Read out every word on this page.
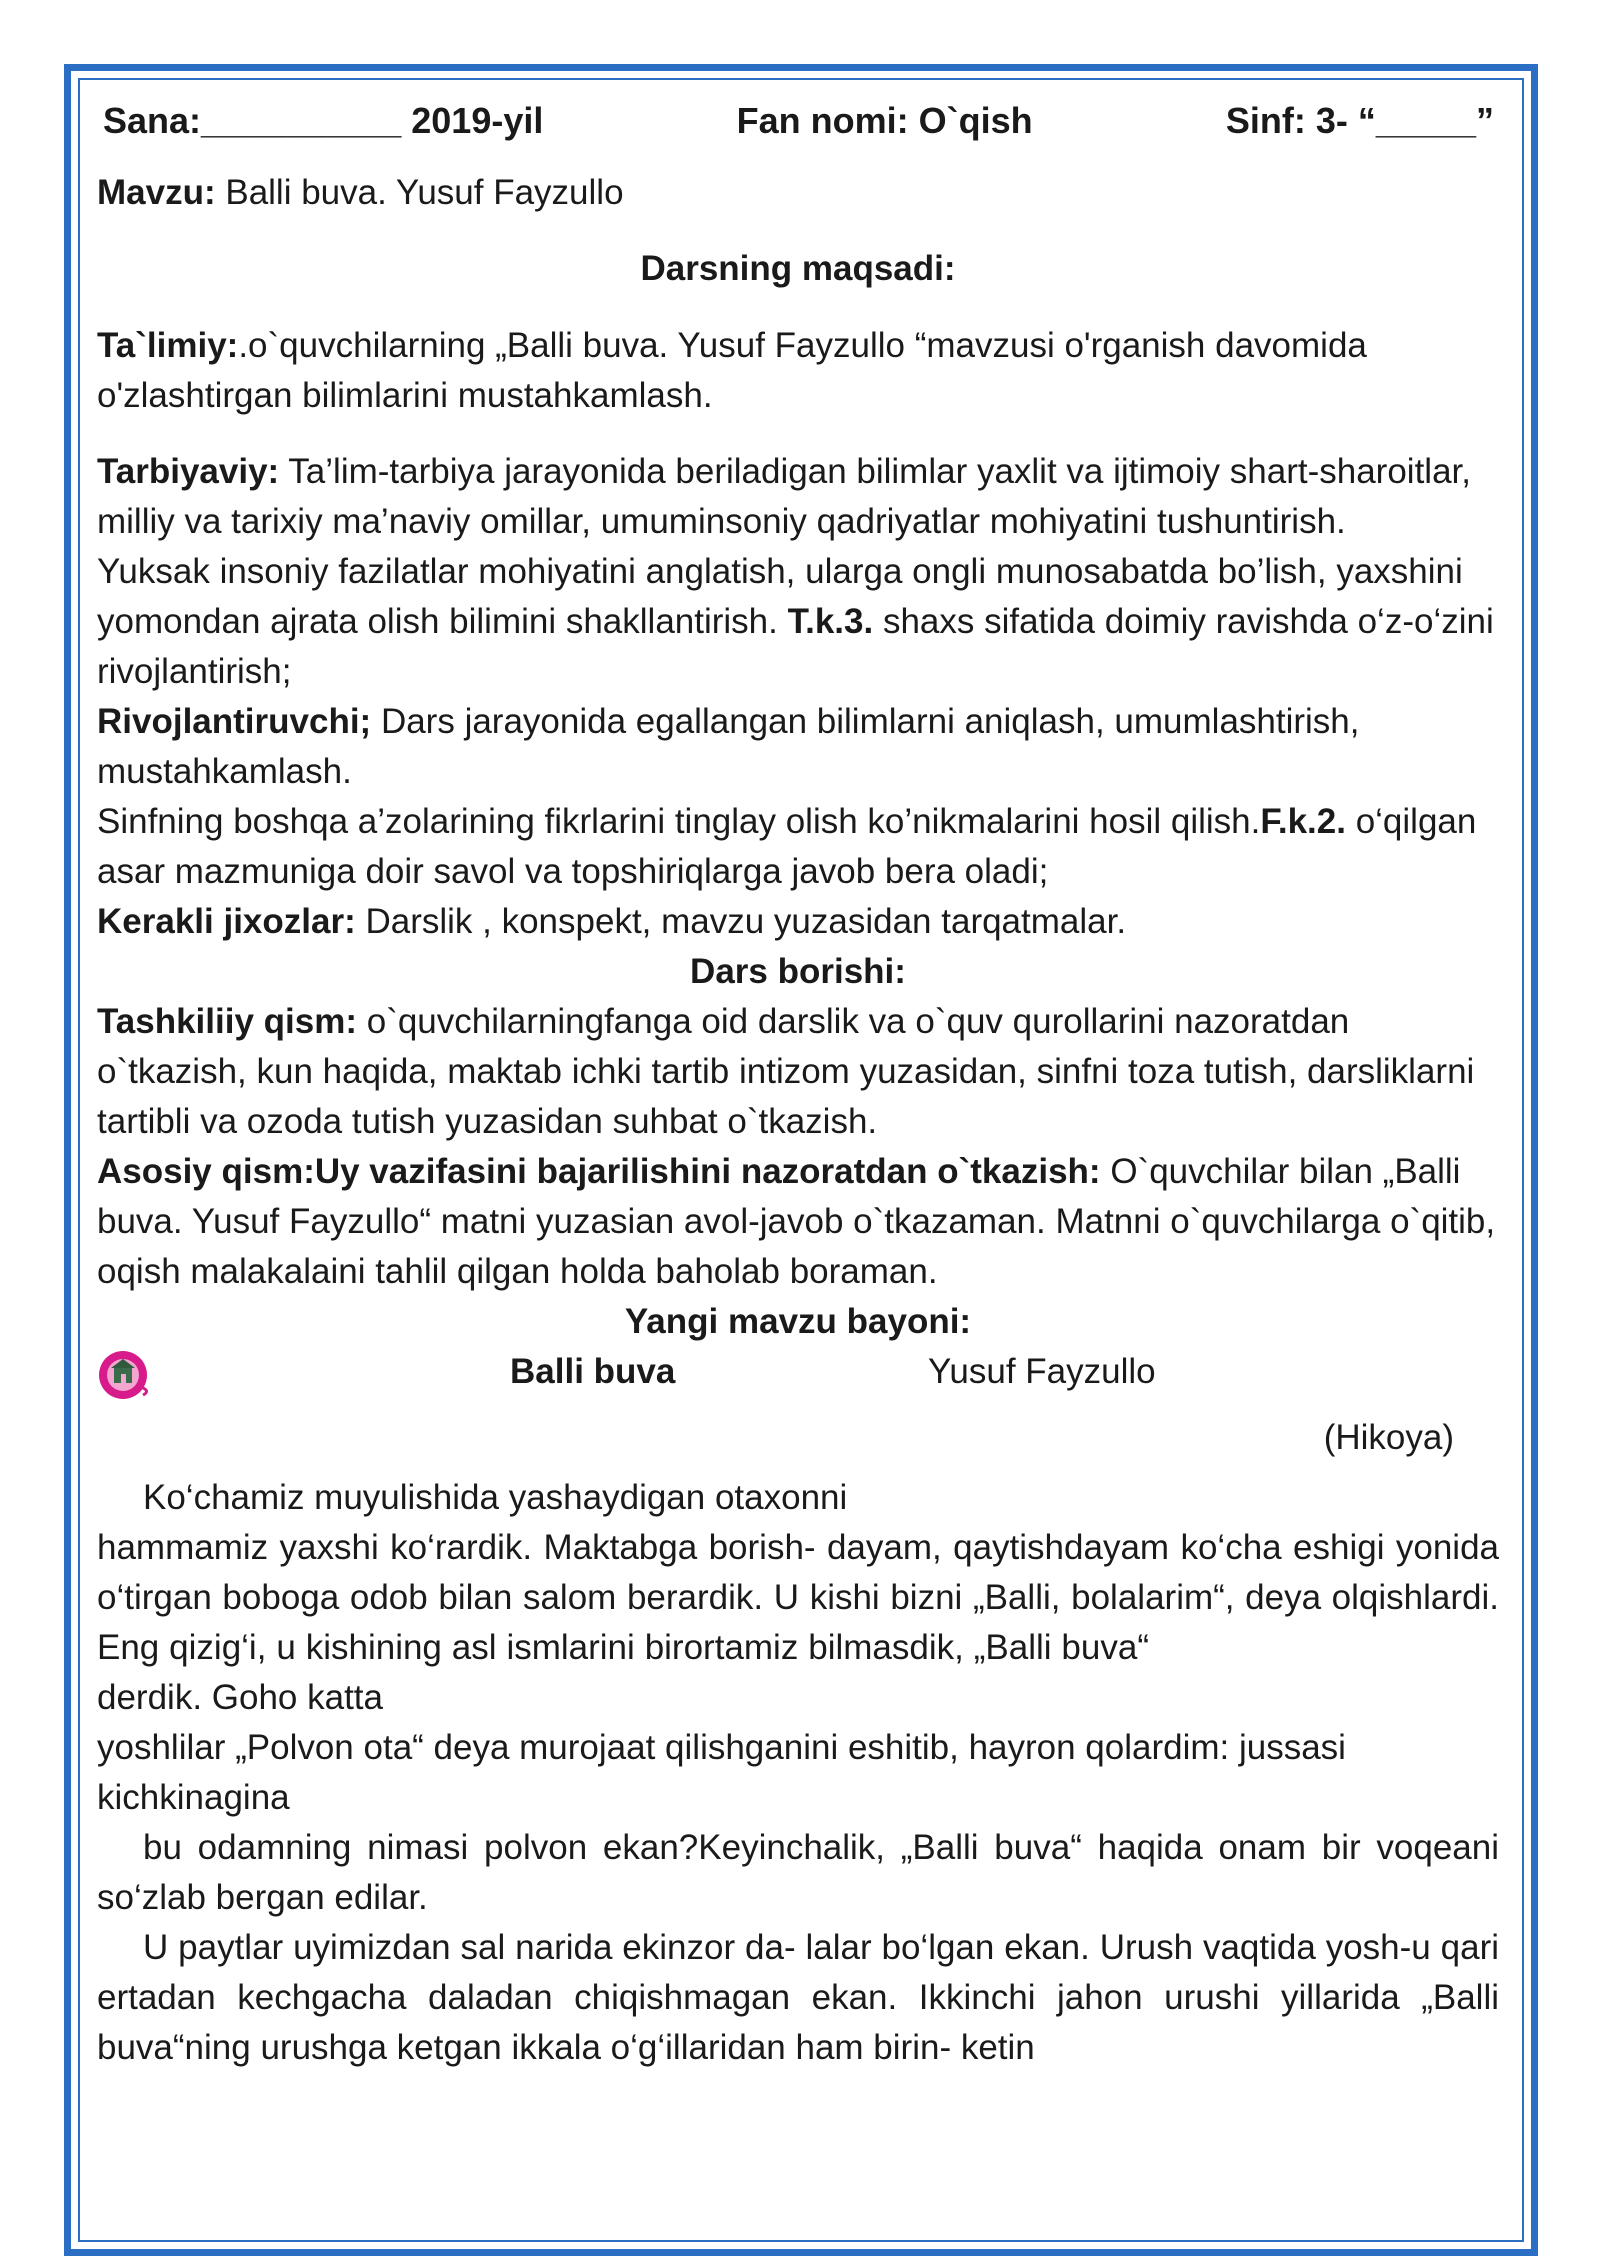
Sana:__________ 2019-yil	Fan nomi: O`qish	Sinf: 3- “_____”

Mavzu: Balli buva. Yusuf Fayzullo

Darsning maqsadi:

Ta`limiy:.o`quvchilarning „Balli buva. Yusuf Fayzullo “mavzusi o'rganish davomida o'zlashtirgan bilimlarini mustahkamlash.

Tarbiyaviy: Ta’lim-tarbiya jarayonida beriladigan bilimlar yaxlit va ijtimoiy shart-sharoitlar, milliy va tarixiy ma’naviy omillar, umuminsoniy qadriyatlar mohiyatini tushuntirish.

Yuksak insoniy fazilatlar mohiyatini anglatish, ularga ongli munosabatda bo’lish, yaxshini yomondan ajrata olish bilimini shakllantirish. T.k.3. shaxs sifatida doimiy ravishda o‘z-o‘zini rivojlantirish;

Rivojlantiruvchi; Dars jarayonida egallangan bilimlarni aniqlash, umumlashtirish, mustahkamlash.

Sinfning boshqa a’zolarining fikrlarini tinglay olish ko’nikmalarini hosil qilish.F.k.2. o‘qilgan asar mazmuniga doir savol va topshiriqlarga javob bera oladi;

Kerakli jixozlar: Darslik , konspekt, mavzu yuzasidan tarqatmalar.

Dars borishi:

Tashkiliiy qism: o`quvchilarningfanga oid darslik va o`quv qurollarini nazoratdan o`tkazish, kun haqida, maktab ichki tartib intizom yuzasidan, sinfni toza tutish, darsliklarni tartibli va ozoda tutish yuzasidan suhbat o`tkazish.

Asosiy qism:Uy vazifasini bajarilishini nazoratdan o`tkazish: O`quvchilar bilan „Balli buva. Yusuf Fayzullo“ matni yuzasian avol-javob o`tkazaman. Matnni o`quvchilarga o`qitib, oqish malakalaini tahlil qilgan holda baholab boraman.

Yangi mavzu bayoni:

Balli buva	Yusuf Fayzullo

(Hikoya)

Ko‘chamiz muyulishida yashaydigan otaxonni

hammamiz yaxshi ko‘rardik. Maktabga borish- dayam, qaytishdayam ko‘cha eshigi yonida o‘tirgan boboga odob bilan salom berardik. U kishi bizni „Balli, bolalarim“, deya olqishlardi. Eng qizig‘i, u kishining asl ismlarini birortamiz bilmasdik, „Balli buva“derdik. Goho katta

yoshlilar „Polvon ota“ deya murojaat qilishganini eshitib, hayron qolardim: jussasi kichkinagina

bu odamning nimasi polvon ekan?Keyinchalik, „Balli buva“ haqida onam bir voqeani so‘zlab bergan edilar.

U paytlar uyimizdan sal narida ekinzor da- lalar bo‘lgan ekan. Urush vaqtida yosh-u qari ertadan kechgacha daladan chiqishmagan ekan. Ikkinchi jahon urushi yillarida „Balli buva“ning urushga ketgan ikkala o‘g‘illaridan ham birin- ketin
